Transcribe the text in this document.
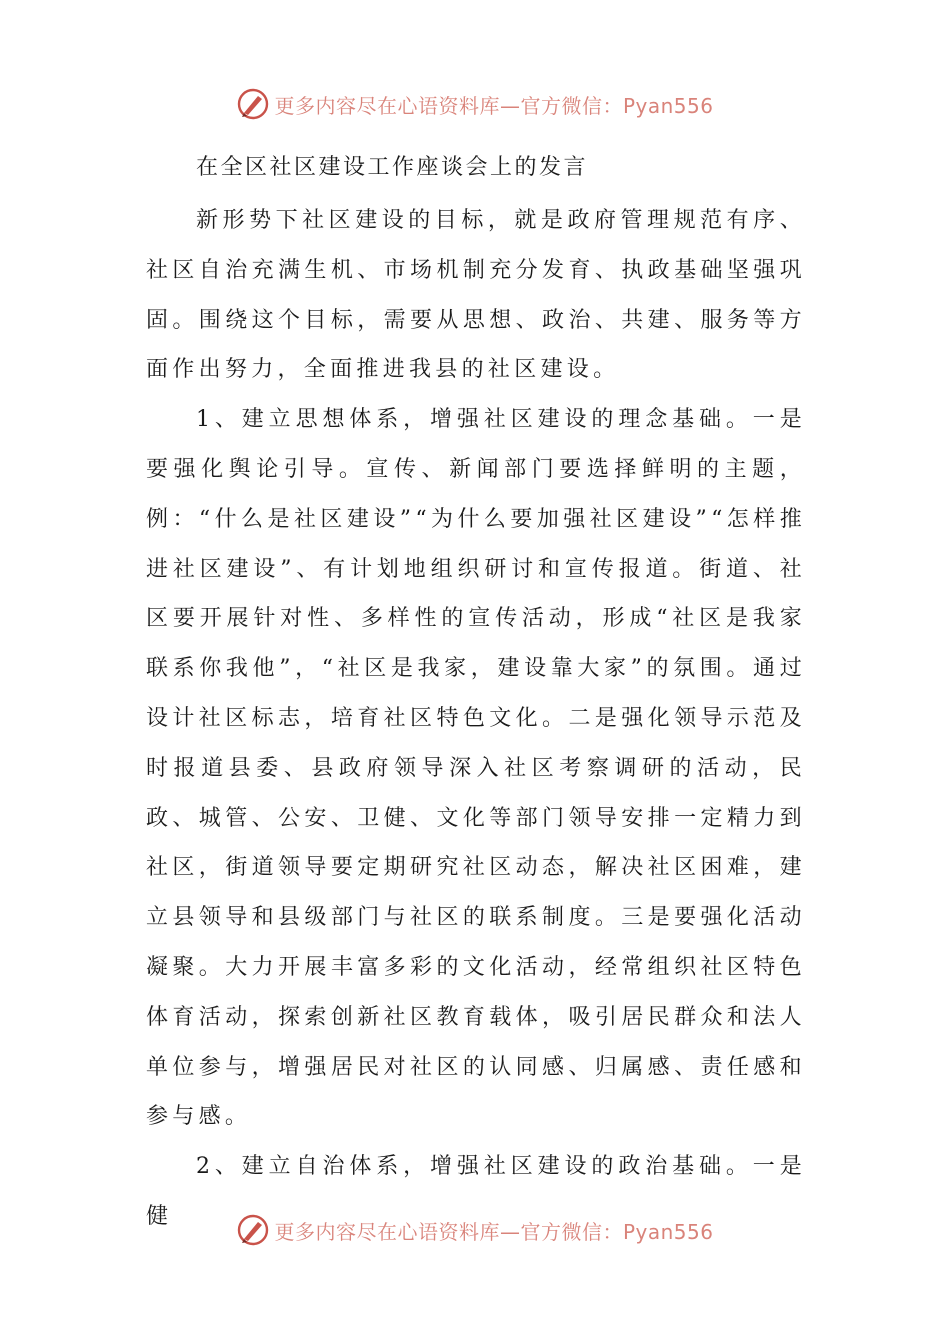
更多内容尽在心语资料库—官方微信：Pyan556
在全区社区建设工作座谈会上的发言

新形势下社区建设的目标，就是政府管理规范有序、社区自治充满生机、市场机制充分发育、执政基础坚强巩固。围绕这个目标，需要从思想、政治、共建、服务等方面作出努力，全面推进我县的社区建设。

1、建立思想体系，增强社区建设的理念基础。一是要强化舆论引导。宣传、新闻部门要选择鲜明的主题，例：“什么是社区建设”“为什么要加强社区建设”“怎样推进社区建设”、有计划地组织研讨和宣传报道。街道、社区要开展针对性、多样性的宣传活动，形成“社区是我家联系你我他”，“社区是我家，建设靠大家”的氛围。通过设计社区标志，培育社区特色文化。二是强化领导示范及时报道县委、县政府领导深入社区考察调研的活动，民政、城管、公安、卫健、文化等部门领导安排一定精力到社区，街道领导要定期研究社区动态，解决社区困难，建立县领导和县级部门与社区的联系制度。三是要强化活动凝聚。大力开展丰富多彩的文化活动，经常组织社区特色体育活动，探索创新社区教育载体，吸引居民群众和法人单位参与，增强居民对社区的认同感、归属感、责任感和参与感。

2、建立自治体系，增强社区建设的政治基础。一是健

更多内容尽在心语资料库—官方微信：Pyan556
